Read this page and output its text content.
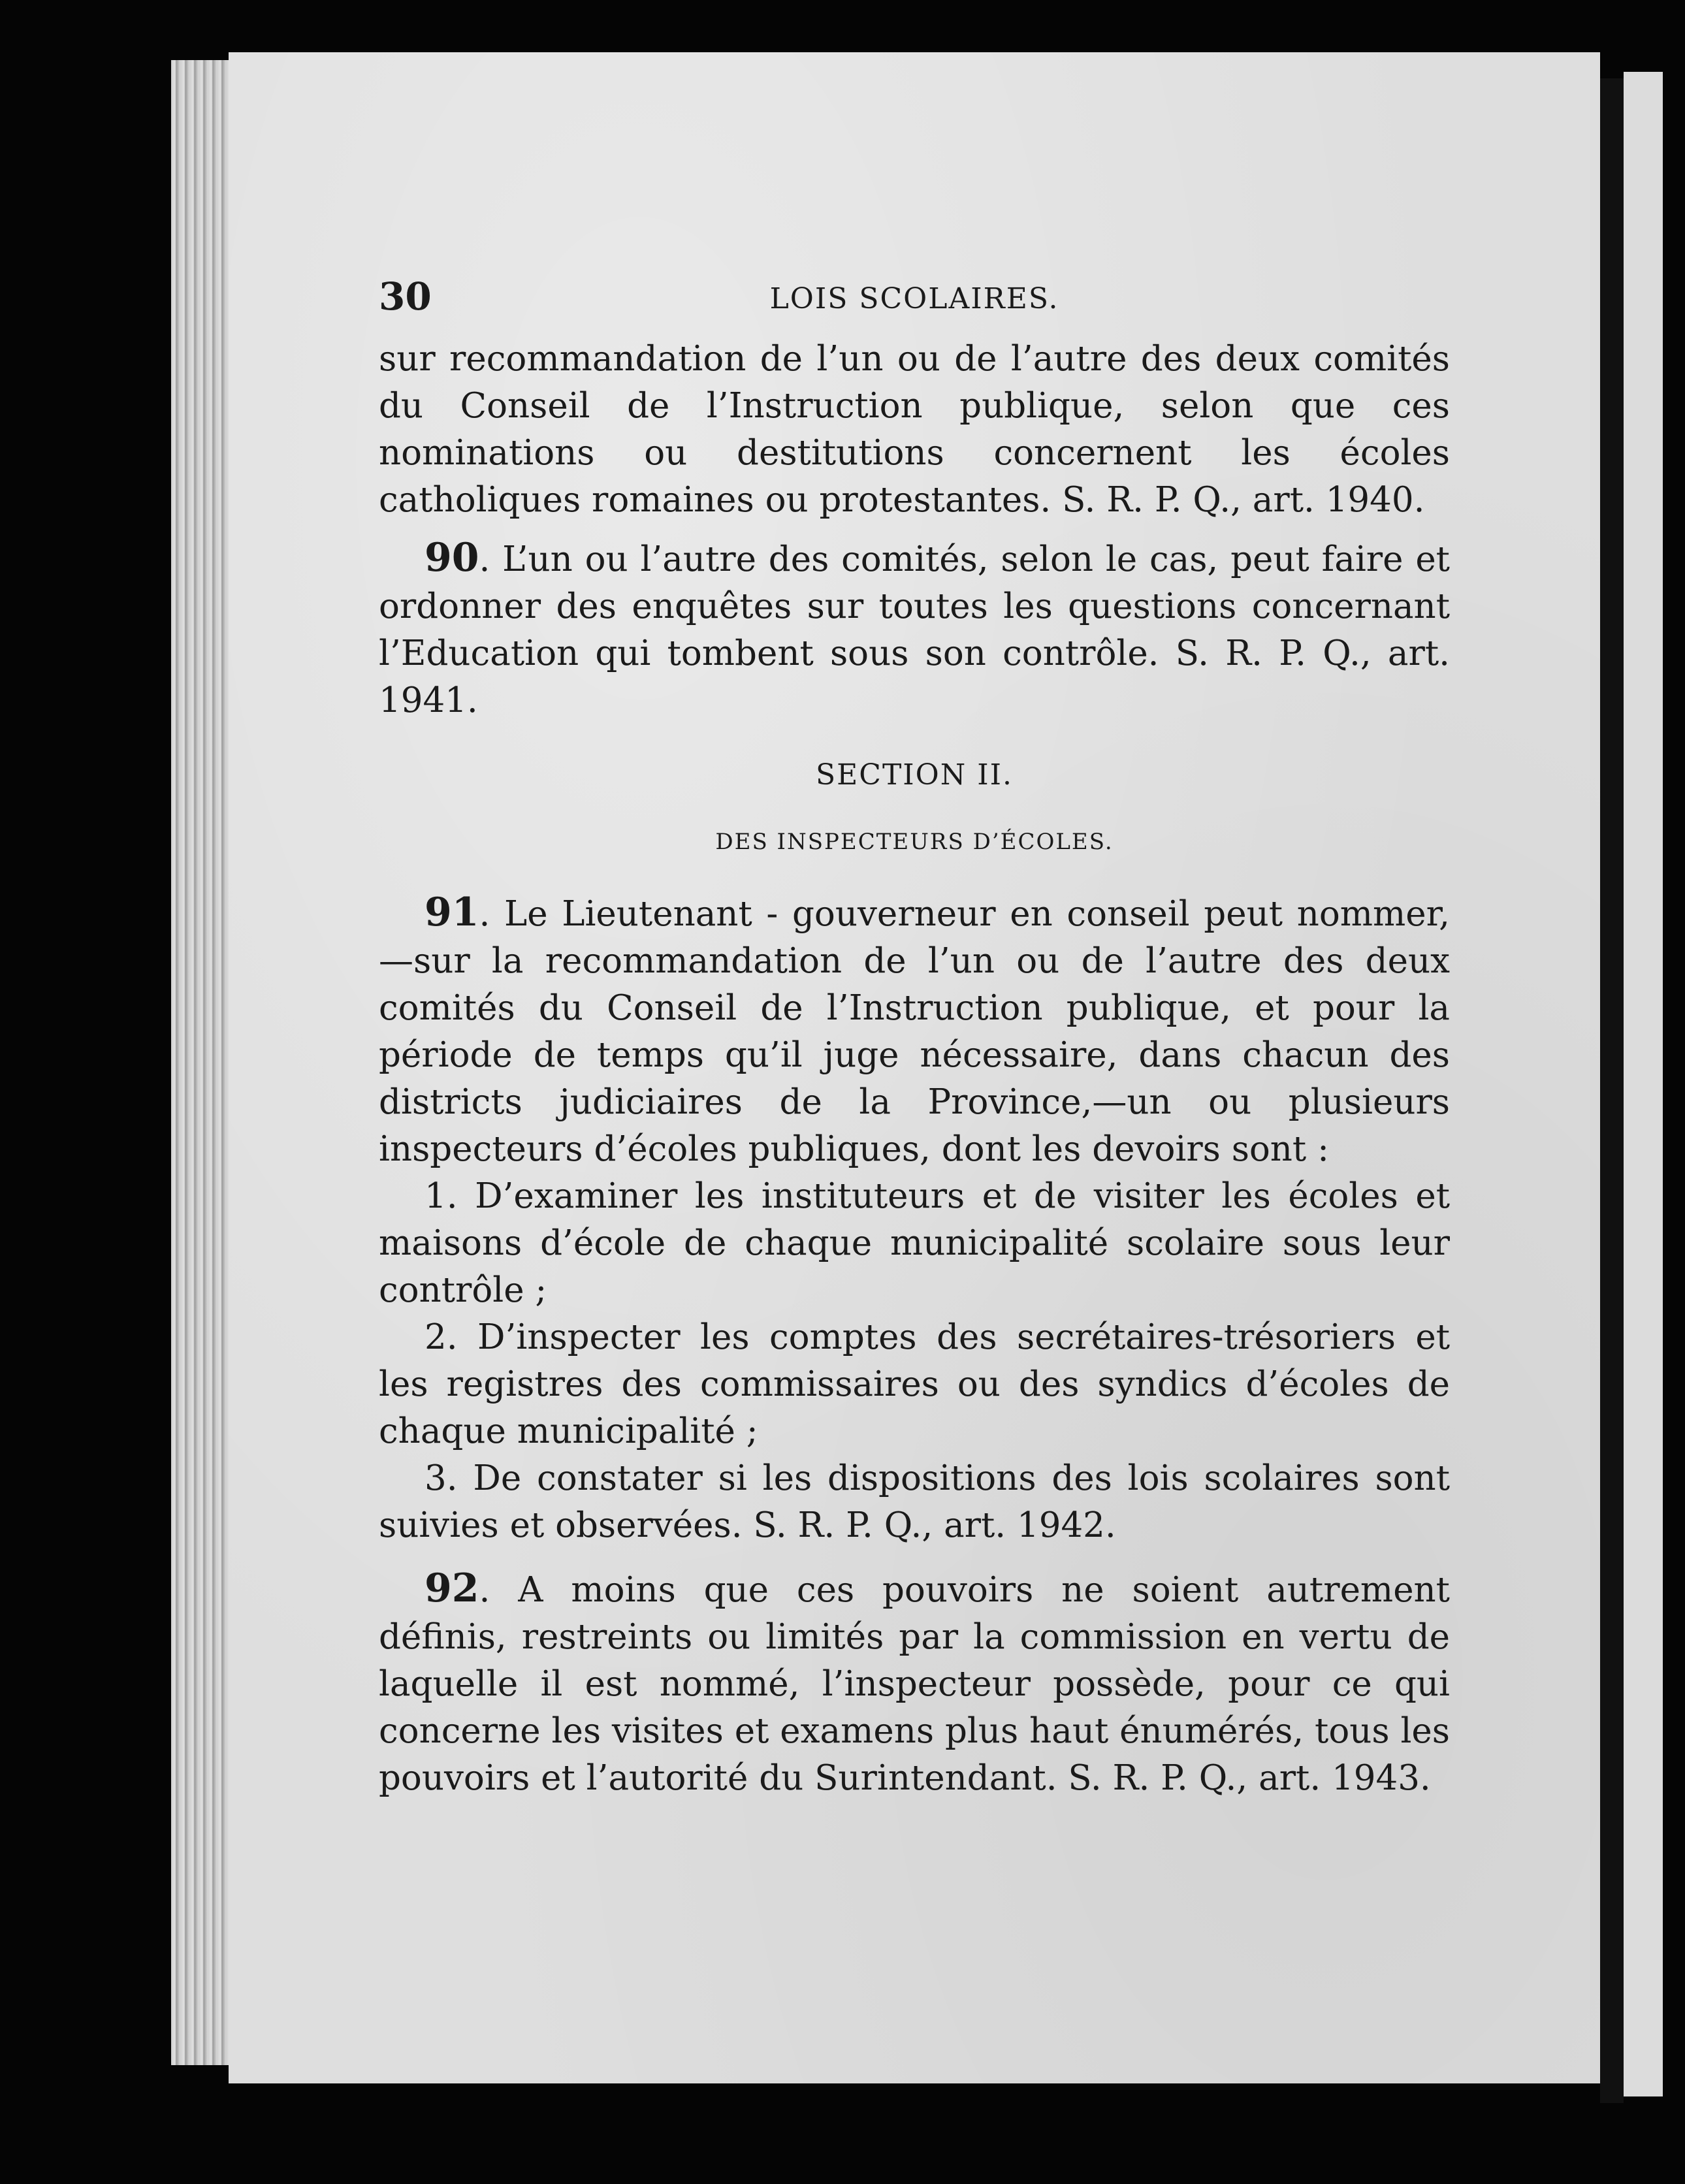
30	LOIS SCOLAIRES.

sur recommandation de l’un ou de l’autre des deux comités du Conseil de l’Instruction publique, selon que ces nominations ou destitutions concernent les écoles catholiques romaines ou protestantes. S. R. P. Q., art. 1940.

90. L’un ou l’autre des comités, selon le cas, peut faire et ordonner des enquêtes sur toutes les questions concernant l’Education qui tombent sous son contrôle. S. R. P. Q., art. 1941.

SECTION II.
DES INSPECTEURS D’ÉCOLES.

91. Le Lieutenant - gouverneur en conseil peut nommer,—sur la recommandation de l’un ou de l’autre des deux comités du Conseil de l’Instruction publique, et pour la période de temps qu’il juge nécessaire, dans chacun des districts judiciaires de la Province,—un ou plusieurs inspecteurs d’écoles publiques, dont les devoirs sont :

1. D’examiner les instituteurs et de visiter les écoles et maisons d’école de chaque municipalité scolaire sous leur contrôle ;

2. D’inspecter les comptes des secrétaires-trésoriers et les registres des commissaires ou des syndics d’écoles de chaque municipalité ;

3. De constater si les dispositions des lois scolaires sont suivies et observées. S. R. P. Q., art. 1942.

92. A moins que ces pouvoirs ne soient autrement définis, restreints ou limités par la commission en vertu de laquelle il est nommé, l’inspecteur possède, pour ce qui concerne les visites et examens plus haut énumérés, tous les pouvoirs et l’autorité du Surintendant. S. R. P. Q., art. 1943.
